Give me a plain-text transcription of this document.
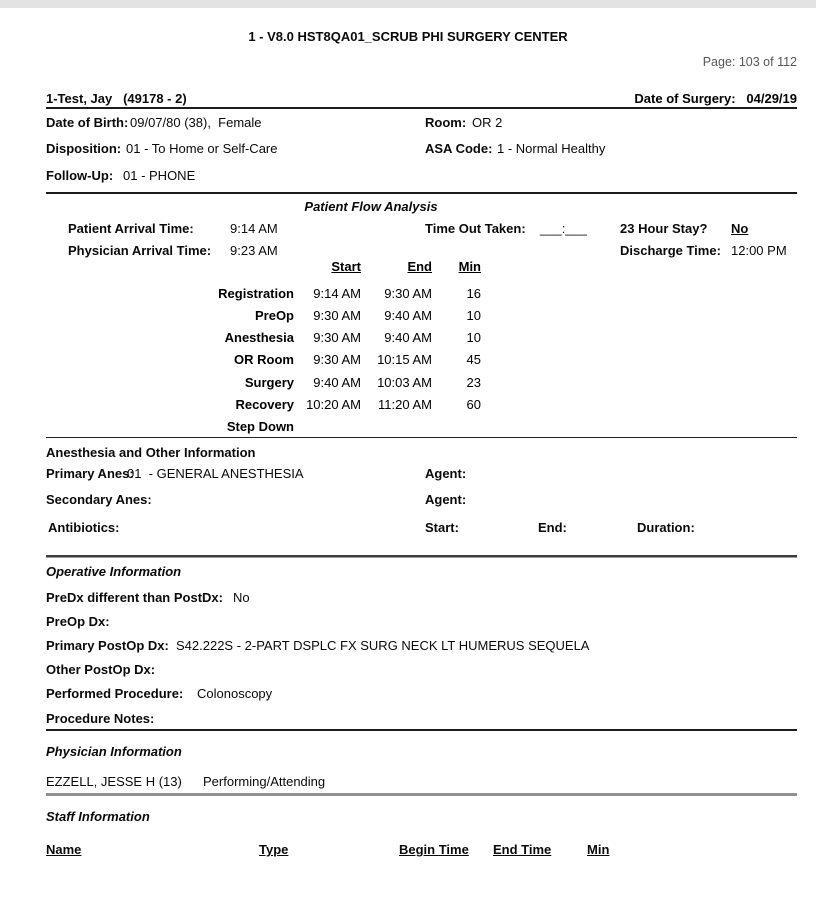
1 - V8.0 HST8QA01_SCRUB PHI SURGERY CENTER
Page: 103 of 112
1-Test, Jay   (49178 - 2)	Date of Surgery:   04/29/19
Date of Birth: 09/07/80 (38),  Female	Room: OR 2
Disposition: 01 - To Home or Self-Care	ASA Code: 1 - Normal Healthy
Follow-Up: 01 - PHONE
Patient Flow Analysis
Patient Arrival Time:	9:14 AM	Time Out Taken: ___:___	23 Hour Stay? No
Physician Arrival Time: 9:23 AM	Discharge Time: 12:00 PM
Start	End	Min
Registration	9:14 AM	9:30 AM	16
PreOp	9:30 AM	9:40 AM	10
Anesthesia	9:30 AM	9:40 AM	10
OR Room	9:30 AM	10:15 AM	45
Surgery	9:40 AM	10:03 AM	23
Recovery 10:20 AM	11:20 AM	60
Step Down
Anesthesia and Other Information
Primary Anes:
01  - GENERAL ANESTHESIA	Agent:
Secondary Anes:	Agent:
Antibiotics:	Start:	End:	Duration:
Operative Information
PreDx different than PostDx: No
PreOp Dx:
Primary PostOp Dx: S42.222S - 2-PART DSPLC FX SURG NECK LT HUMERUS SEQUELA
Other PostOp Dx:
Performed Procedure: Colonoscopy
Procedure Notes:
Physician Information
EZZELL, JESSE H (13) Performing/Attending
Staff Information
Name	Type	Begin Time End Time	Min
